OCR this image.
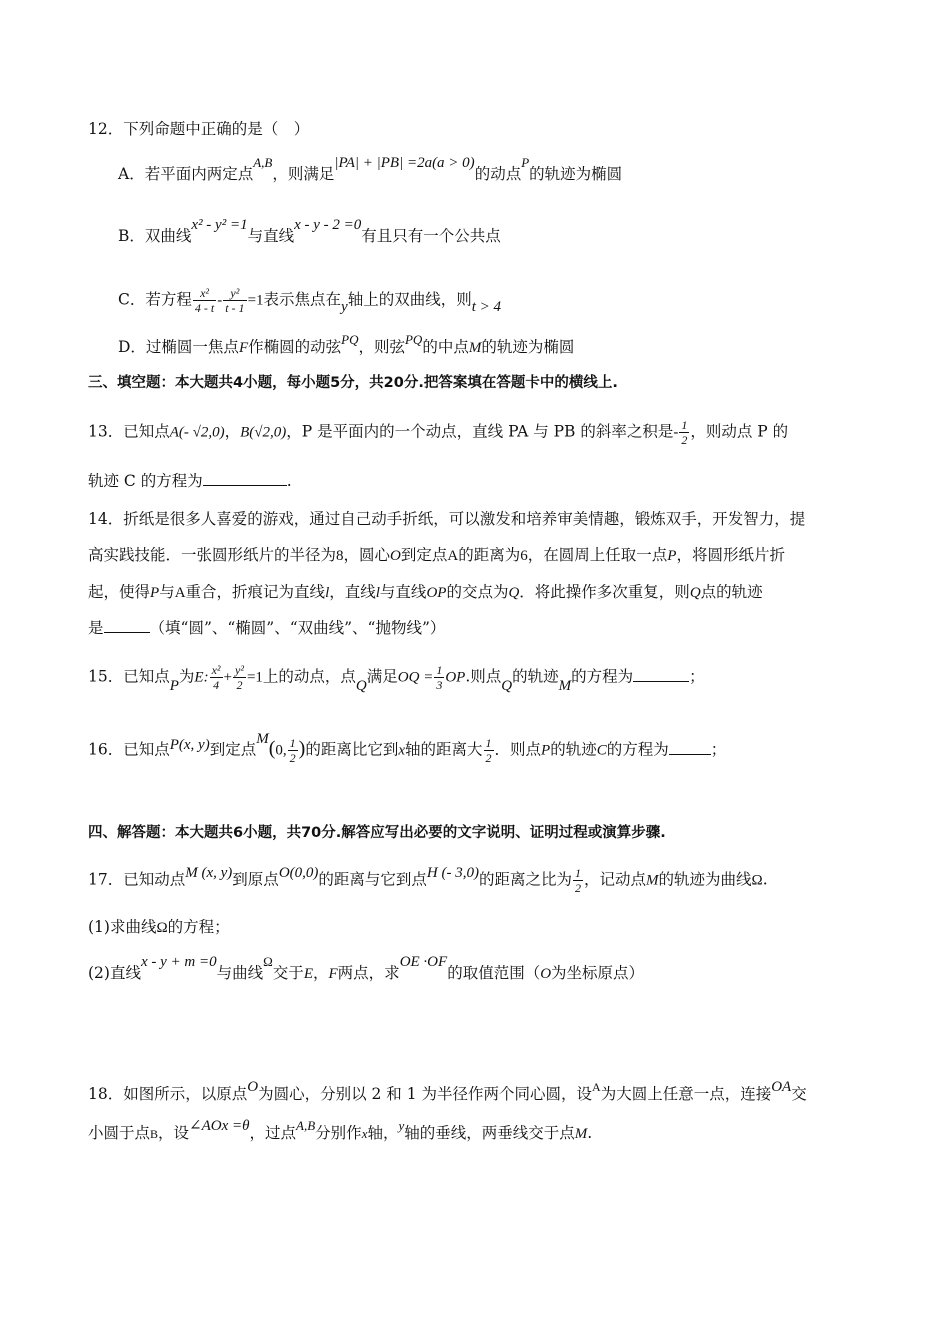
12．下列命题中正确的是（　）
A．若平面内两定点$^{A,B}$，则满足|PA| + |PB| =2a(a > 0)的动点$^P$的轨迹为椭圆
B．双曲线x² - y² =1与直线x - y - 2 =0有且只有一个公共点
C．若方程 $\frac{\text{x²}}{4 - t} - \frac{\text{y²}}{t - 1} =1$表示焦点在y轴上的双曲线，则t > 4
D．过椭圆一焦点F作椭圆的动弦$^{PQ}$，则弦$^{PQ}$的中点M的轨迹为椭圆
三、填空题：本大题共4小题，每小题5分，共20分.把答案填在答题卡中的横线上.
13．已知点A(- √2,0)，B(√2,0)，P 是平面内的一个动点，直线 PA 与 PB 的斜率之积是- $\frac{1}{2}$ ，则动点 P 的
轨迹 C 的方程为	.
14．折纸是很多人喜爱的游戏，通过自己动手折纸，可以激发和培养审美情趣，锻炼双手，开发智力，提
高实践技能．一张圆形纸片的半径为8，圆心O到定点A的距离为6，在圆周上任取一点P，将圆形纸片折
起，使得P与A重合，折痕记为直线l，直线l与直线OP的交点为Q．将此操作多次重复，则Q点的轨迹
是	（填“圆”、“椭圆”、“双曲线”、“抛物线”）
15．已知点P为E: $\frac{\text{x²}}{4} + \frac{\text{y²}}{2} =1$上的动点，点Q满足OQ = $\frac{1}{3}$ OP.则点Q的轨迹M的方程为	；
16．已知点P(x, y)到定点M(0, $\frac{1}{2}$ )的距离比它到x轴的距离大 $\frac{1}{2}$ ．则点P的轨迹C的方程为	；
四、解答题：本大题共6小题，共70分.解答应写出必要的文字说明、证明过程或演算步骤.
17．已知动点M (x, y)到原点O(0,0)的距离与它到点H (- 3,0)的距离之比为 $\frac{1}{2}$ ，记动点M的轨迹为曲线Ω.
(1)求曲线Ω的方程；
(2)直线x - y + m =0与曲线$^\Omega$交于E，F两点，求OE ·OF的取值范围（O为坐标原点）
18．如图所示，以原点O为圆心，分别以 2 和 1 为半径作两个同心圆，设$^A$为大圆上任意一点，连接OA交
小圆于点B，设∠AOx =θ，过点$^{A,B}$分别作x轴，$^y$轴的垂线，两垂线交于点M.
